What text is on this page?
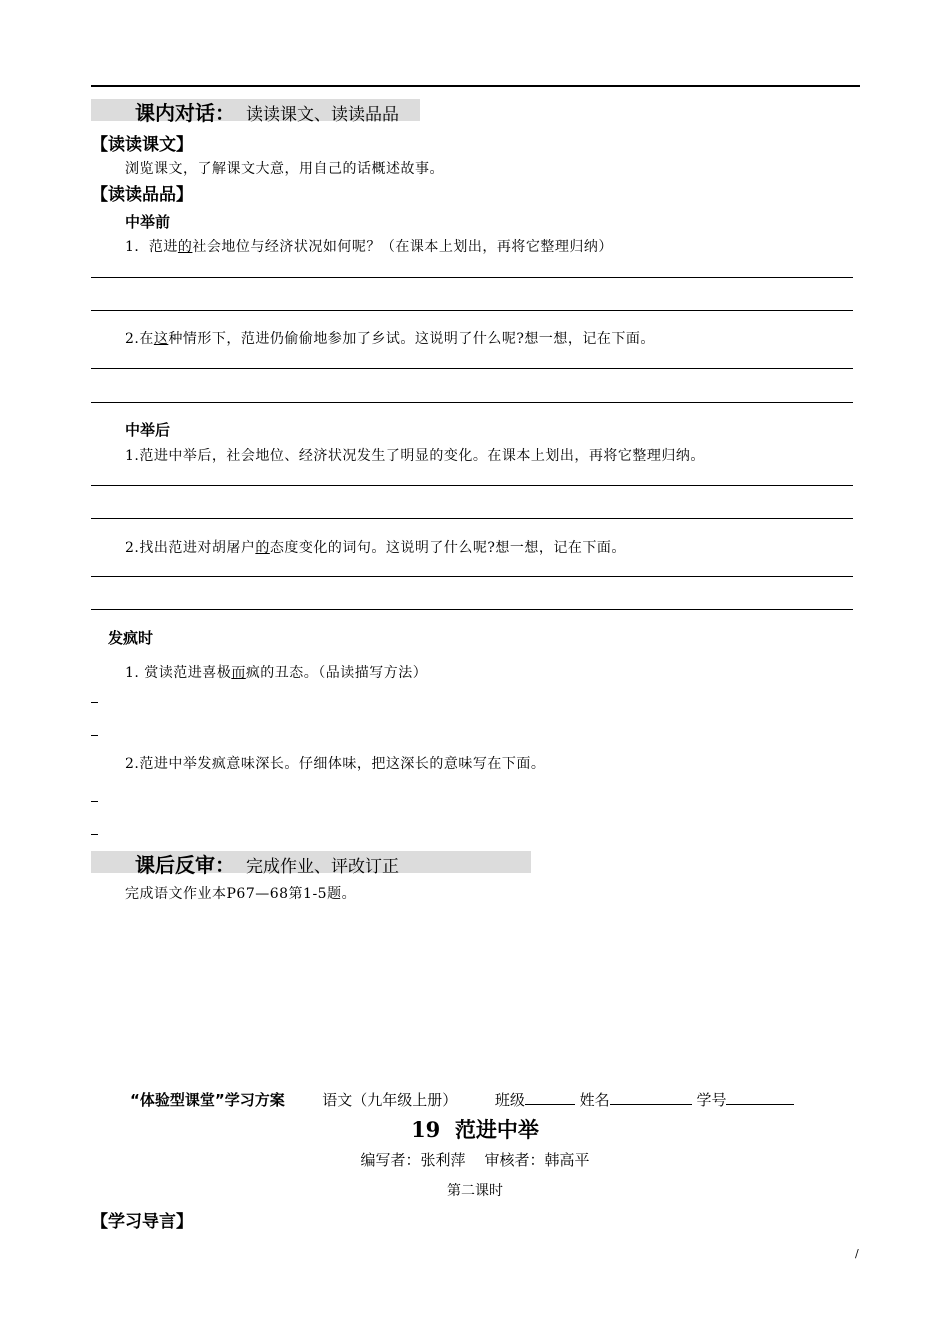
课内对话： 读读课文、读读品品
【读读课文】
浏览课文，了解课文大意，用自己的话概述故事。
【读读品品】
中举前
1．范进的社会地位与经济状况如何呢？（在课本上划出，再将它整理归纳）
2.在这种情形下，范进仍偷偷地参加了乡试。这说明了什么呢?想一想，记在下面。
中举后
1.范进中举后，社会地位、经济状况发生了明显的变化。在课本上划出，再将它整理归纳。
2.找出范进对胡屠户的态度变化的词句。这说明了什么呢?想一想，记在下面。
发疯时
1. 赏读范进喜极而疯的丑态。（品读描写方法）
2.范进中举发疯意味深长。仔细体味，把这深长的意味写在下面。
课后反审： 完成作业、评改订正
完成语文作业本P67—68第1-5题。
“体验型课堂”学习方案	语文（九年级上册）	班级	姓名	学号
19  范进中举
编写者：张利萍    审核者：韩高平
第二课时
【学习导言】
/
